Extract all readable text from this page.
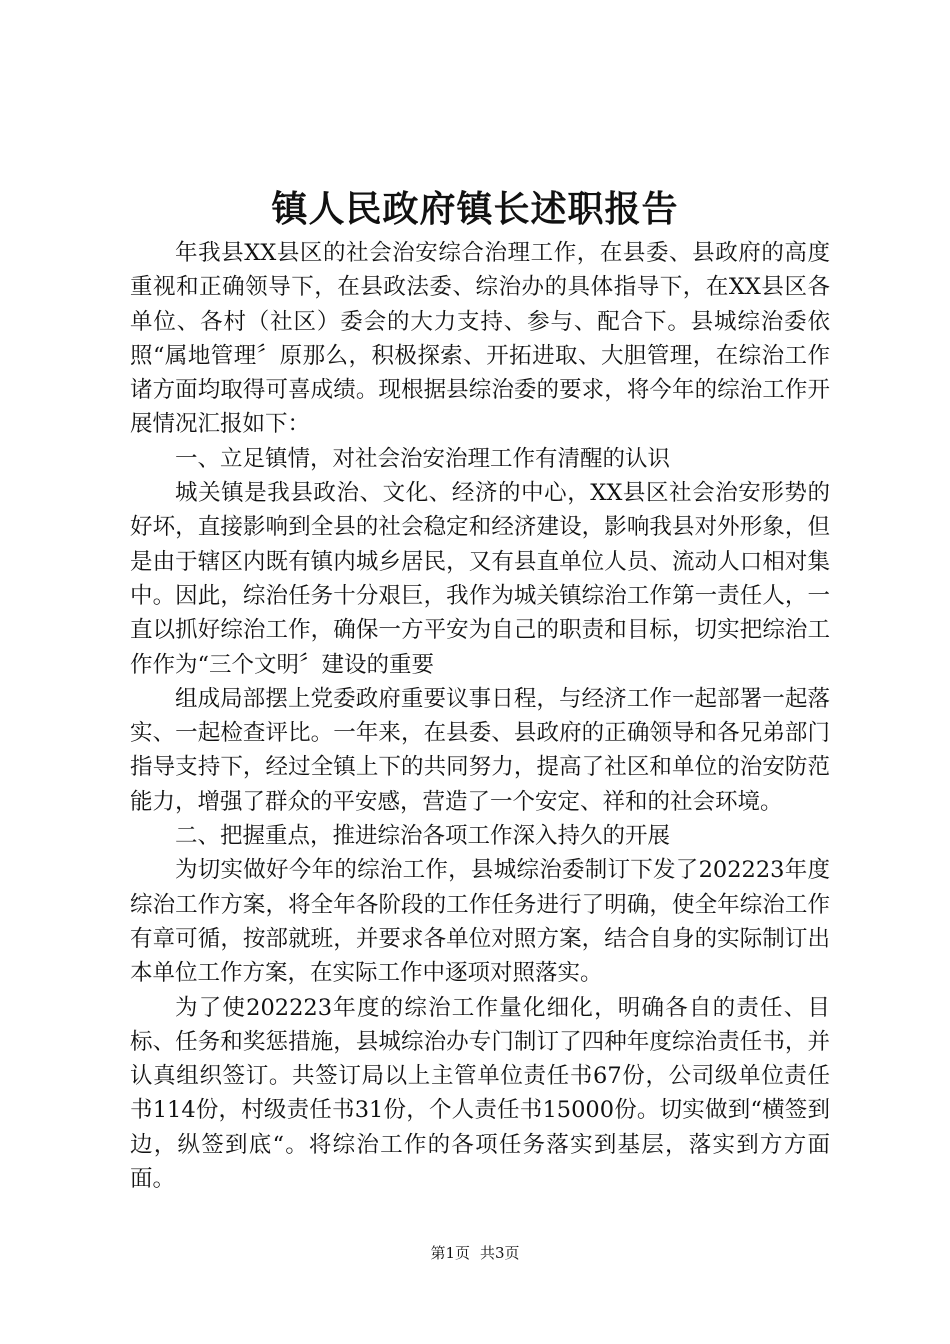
镇人民政府镇长述职报告

年我县XX县区的社会治安综合治理工作，在县委、县政府的高度重视和正确领导下，在县政法委、综治办的具体指导下，在XX县区各单位、各村（社区）委会的大力支持、参与、配合下。县城综治委依照“属地管理〞原那么，积极探索、开拓进取、大胆管理，在综治工作诸方面均取得可喜成绩。现根据县综治委的要求，将今年的综治工作开展情况汇报如下：

一、立足镇情，对社会治安治理工作有清醒的认识

城关镇是我县政治、文化、经济的中心，XX县区社会治安形势的好坏，直接影响到全县的社会稳定和经济建设，影响我县对外形象，但是由于辖区内既有镇内城乡居民，又有县直单位人员、流动人口相对集中。因此，综治任务十分艰巨，我作为城关镇综治工作第一责任人，一直以抓好综治工作，确保一方平安为自己的职责和目标，切实把综治工作作为“三个文明〞建设的重要

组成局部摆上党委政府重要议事日程，与经济工作一起部署一起落实、一起检查评比。一年来，在县委、县政府的正确领导和各兄弟部门指导支持下，经过全镇上下的共同努力，提高了社区和单位的治安防范能力，增强了群众的平安感，营造了一个安定、祥和的社会环境。

二、把握重点，推进综治各项工作深入持久的开展

为切实做好今年的综治工作，县城综治委制订下发了202223年度综治工作方案，将全年各阶段的工作任务进行了明确，使全年综治工作有章可循，按部就班，并要求各单位对照方案，结合自身的实际制订出本单位工作方案，在实际工作中逐项对照落实。

为了使202223年度的综治工作量化细化，明确各自的责任、目标、任务和奖惩措施，县城综治办专门制订了四种年度综治责任书，并认真组织签订。共签订局以上主管单位责任书67份，公司级单位责任书114份，村级责任书31份，个人责任书15000份。切实做到“横签到边，纵签到底“。将综治工作的各项任务落实到基层，落实到方方面面。

第1页 共3页
